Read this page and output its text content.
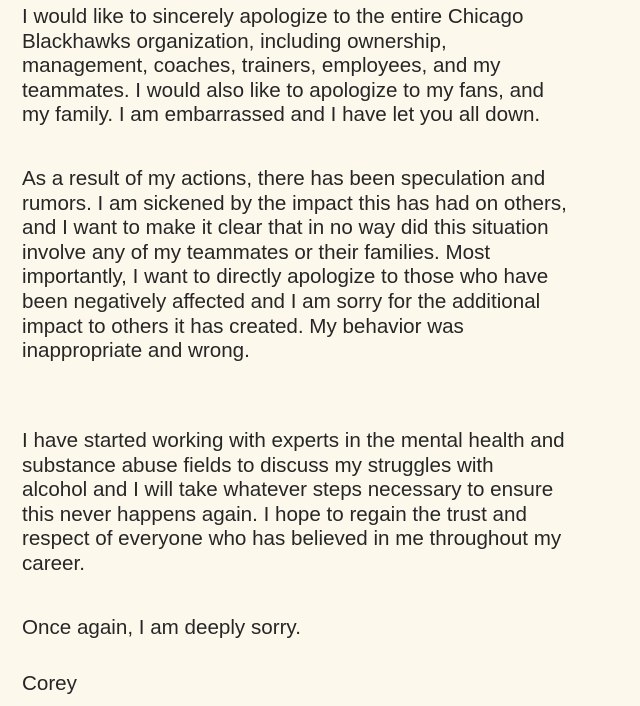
I would like to sincerely apologize to the entire Chicago
Blackhawks organization, including ownership,
management, coaches, trainers, employees, and my
teammates. I would also like to apologize to my fans, and
my family. I am embarrassed and I have let you all down.
As a result of my actions, there has been speculation and
rumors. I am sickened by the impact this has had on others,
and I want to make it clear that in no way did this situation
involve any of my teammates or their families. Most
importantly, I want to directly apologize to those who have
been negatively affected and I am sorry for the additional
impact to others it has created. My behavior was
inappropriate and wrong.
I have started working with experts in the mental health and
substance abuse fields to discuss my struggles with
alcohol and I will take whatever steps necessary to ensure
this never happens again. I hope to regain the trust and
respect of everyone who has believed in me throughout my
career.
Once again, I am deeply sorry.
Corey
